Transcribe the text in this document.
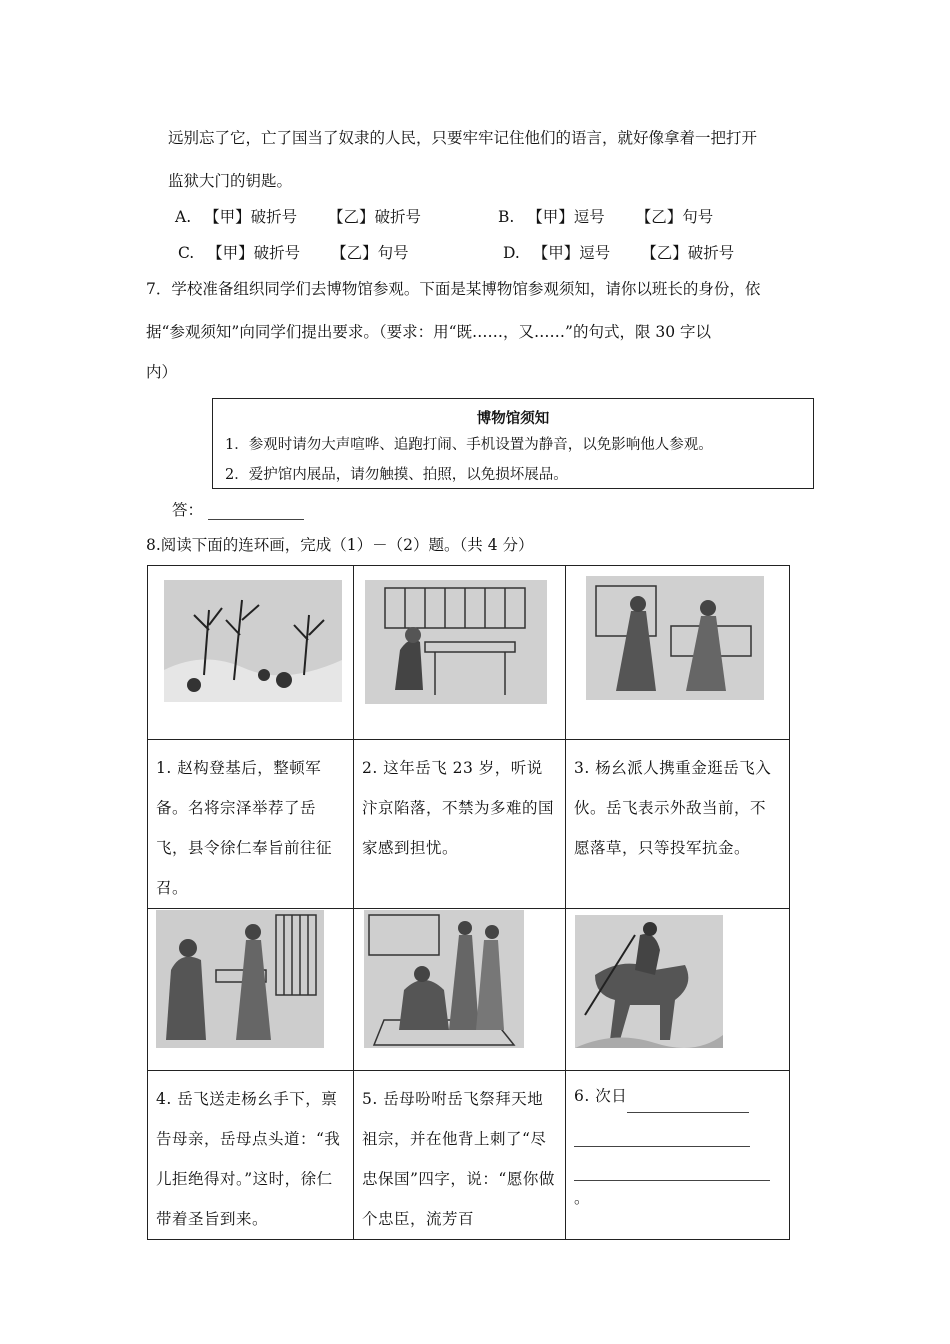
远别忘了它，亡了国当了奴隶的人民，只要牢牢记住他们的语言，就好像拿着一把打开
监狱大门的钥匙。
A. 【甲】破折号 【乙】破折号	B. 【甲】逗号 【乙】句号
C. 【甲】破折号 【乙】句号	D. 【甲】逗号 【乙】破折号
7．学校准备组织同学们去博物馆参观。下面是某博物馆参观须知，请你以班长的身份，依
据“参观须知”向同学们提出要求。（要求：用“既……，又……”的句式，限 30 字以
内）
博物馆须知
1．参观时请勿大声喧哗、追跑打闹、手机设置为静音，以免影响他人参观。
2．爱护馆内展品，请勿触摸、拍照，以免损坏展品。
答：
8.阅读下面的连环画，完成（1）－（2）题。（共 4 分）

1. 赵构登基后，整顿军备。名将宗泽举荐了岳飞，县令徐仁奉旨前往征召。	2. 这年岳飞 23 岁，听说汴京陷落，不禁为多难的国家感到担忧。	3. 杨幺派人携重金逛岳飞入伙。岳飞表示外敌当前，不愿落草，只等投军抗金。

4. 岳飞送走杨幺手下，禀告母亲，岳母点头道：“我儿拒绝得对。”这时，徐仁带着圣旨到来。	5. 岳母吩咐岳飞祭拜天地祖宗，并在他背上刺了“尽忠保国”四字，说：“愿你做个忠臣，流芳百	6. 次日

。
